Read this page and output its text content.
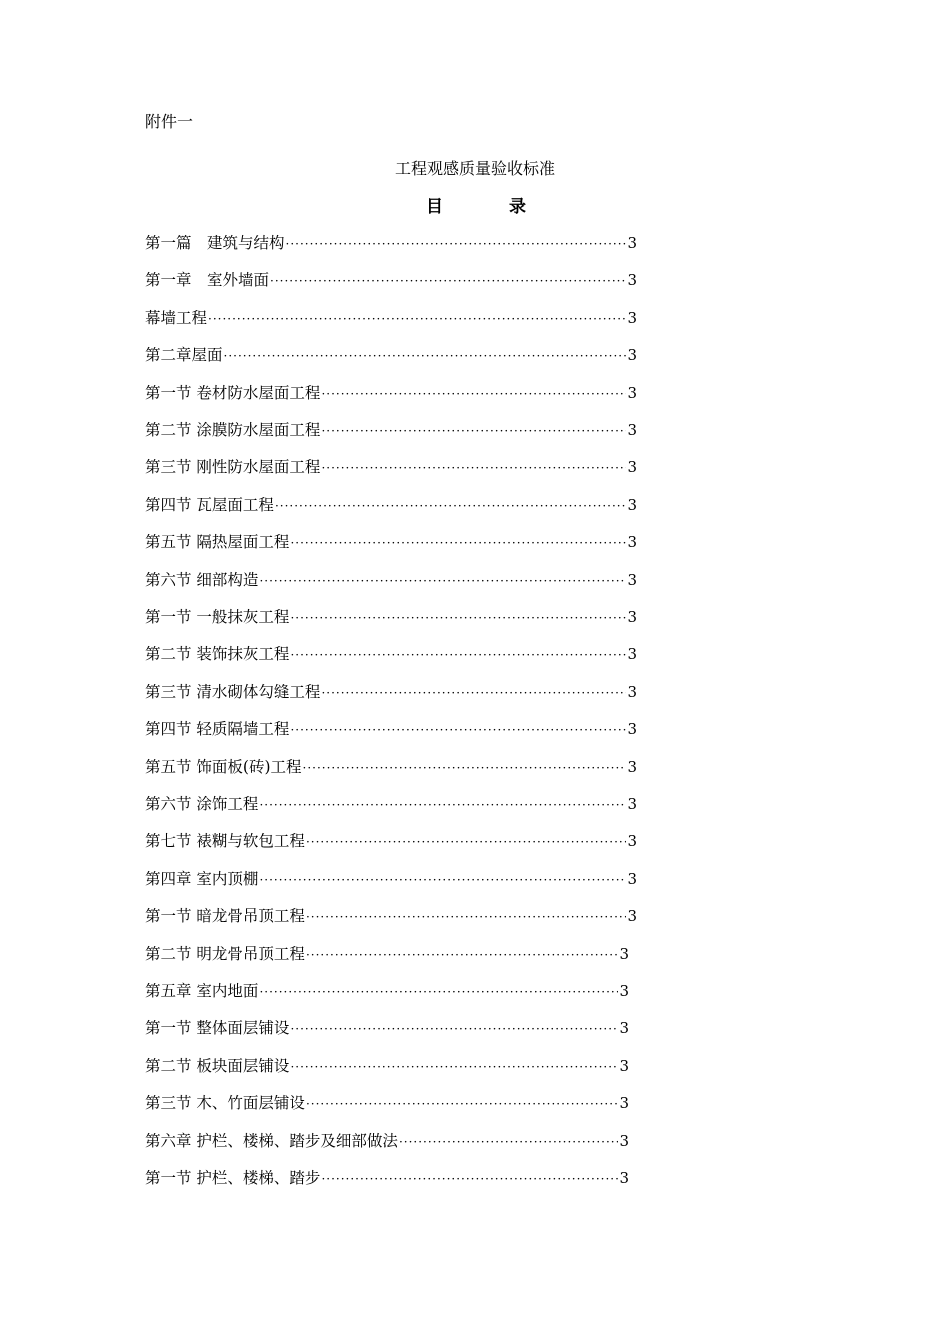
附件一
工程观感质量验收标准
目 录
第一篇　建筑与结构 ·····	3
第一章　室外墙面 ·····	3
幕墙工程 ·····	3
第二章屋面 ·····	3
第一节 卷材防水屋面工程 ·····	3
第二节 涂膜防水屋面工程 ·····	3
第三节 刚性防水屋面工程 ·····	3
第四节 瓦屋面工程 ·····	3
第五节 隔热屋面工程 ·····	3
第六节 细部构造 ·····	3
第一节 一般抹灰工程 ·····	3
第二节 装饰抹灰工程 ·····	3
第三节 清水砌体勾缝工程 ·····	3
第四节 轻质隔墙工程 ·····	3
第五节 饰面板(砖)工程 ·····	3
第六节 涂饰工程 ·····	3
第七节 裱糊与软包工程 ·····	3
第四章 室内顶棚 ·····	3
第一节 暗龙骨吊顶工程 ·····	3
第二节 明龙骨吊顶工程 ·····	3
第五章 室内地面 ·····	3
第一节 整体面层铺设 ·····	3
第二节 板块面层铺设 ·····	3
第三节 木、竹面层铺设 ·····	3
第六章 护栏、楼梯、踏步及细部做法 ·····	3
第一节 护栏、楼梯、踏步 ·····	3
